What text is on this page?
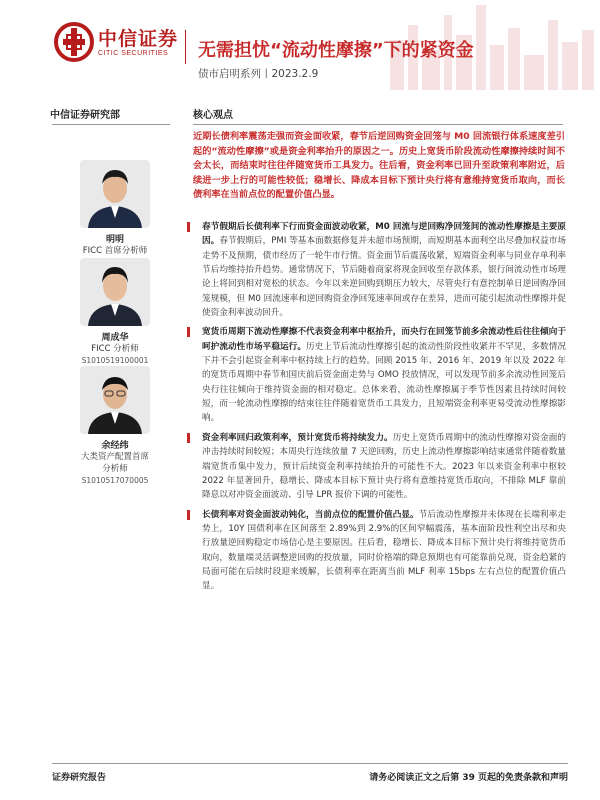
中信证券
CITIC SECURITIES 无需担忧“流动性摩擦”下的紧资金
债市启明系列丨2023.2.9
中信证券研究部	核心观点
明明
FICC 首席分析师
周成华
FICC 分析师
S1010519100001
余经纬
大类资产配置首席
分析师
S1010517070005
近期长债利率震荡走强而资金面收紧，春节后逆回购资金回笼与 M0 回流银行体系速度差引起的“流动性摩擦”或是资金利率抬升的原因之一。历史上宽货币阶段流动性摩擦持续时间不会太长，而结束时往往伴随宽货币工具发力。往后看，资金利率已回升至政策利率附近，后续进一步上行的可能性较低；稳增长、降成本目标下预计央行将有意维持宽货币取向，而长债利率在当前点位的配置价值凸显。
春节假期后长债利率下行而资金面波动收紧，M0 回流与逆回购净回笼间的流动性摩擦是主要原因。春节假期后，PMI 等基本面数据修复并未超市场预期，而短期基本面利空出尽叠加权益市场走势不及预期，债市经历了一轮牛市行情。资金面节后震荡收紧，短端资金利率与同业存单利率节后均维持抬升趋势。通常情况下，节后随着商家将现金回收至存款体系，银行间流动性市场理论上将回到相对宽松的状态。今年以来逆回购到期压力较大，尽管央行有意控制单日逆回购净回笼规模，但 M0 回流速率和逆回购资金净回笼速率间或存在差异，进而可能引起流动性摩擦并促使资金利率波动回升。
宽货币周期下流动性摩擦不代表资金利率中枢抬升，而央行在回笼节前多余流动性后往往倾向于呵护流动性市场平稳运行。历史上节后流动性摩擦引起的流动性阶段性收紧并不罕见，多数情况下并不会引起资金利率中枢持续上行的趋势。回顾 2015 年、2016 年、2019 年以及 2022 年的宽货币周期中春节和国庆前后资金面走势与 OMO 投放情况，可以发现节前多余流动性回笼后央行往往倾向于维持资金面的相对稳定。总体来看，流动性摩擦属于季节性因素且持续时间较短，而一轮流动性摩擦的结束往往伴随着宽货币工具发力，且短端资金利率更易受流动性摩擦影响。
资金利率回归政策利率，预计宽货币将持续发力。历史上宽货币周期中的流动性摩擦对资金面的冲击持续时间较短；本周央行连续放量 7 天逆回购，历史上流动性摩擦影响结束通常伴随着数量端宽货币集中发力，预计后续资金利率持续抬升的可能性不大。2023 年以来资金利率中枢较 2022 年显著回升，稳增长、降成本目标下预计央行将有意维持宽货币取向，不排除 MLF 靠前降息以对冲资金面波动、引导 LPR 报价下调的可能性。
长债利率对资金面波动钝化，当前点位的配置价值凸显。节后流动性摩擦并未体现在长端利率走势上，10Y 国债利率在区间落至 2.89%到 2.9%的区间窄幅震荡，基本面阶段性利空出尽和央行放量逆回购稳定市场信心是主要原因。往后看，稳增长、降成本目标下预计央行将维持宽货币取向，数量端灵活调整逆回购的投放量，同时价格端的降息预期也有可能靠前兑现，资金趋紧的局面可能在后续时段迎来缓解，长债利率在距离当前 MLF 利率 15bps 左右点位的配置价值凸显。
证券研究报告	请务必阅读正文之后第 39 页起的免责条款和声明
